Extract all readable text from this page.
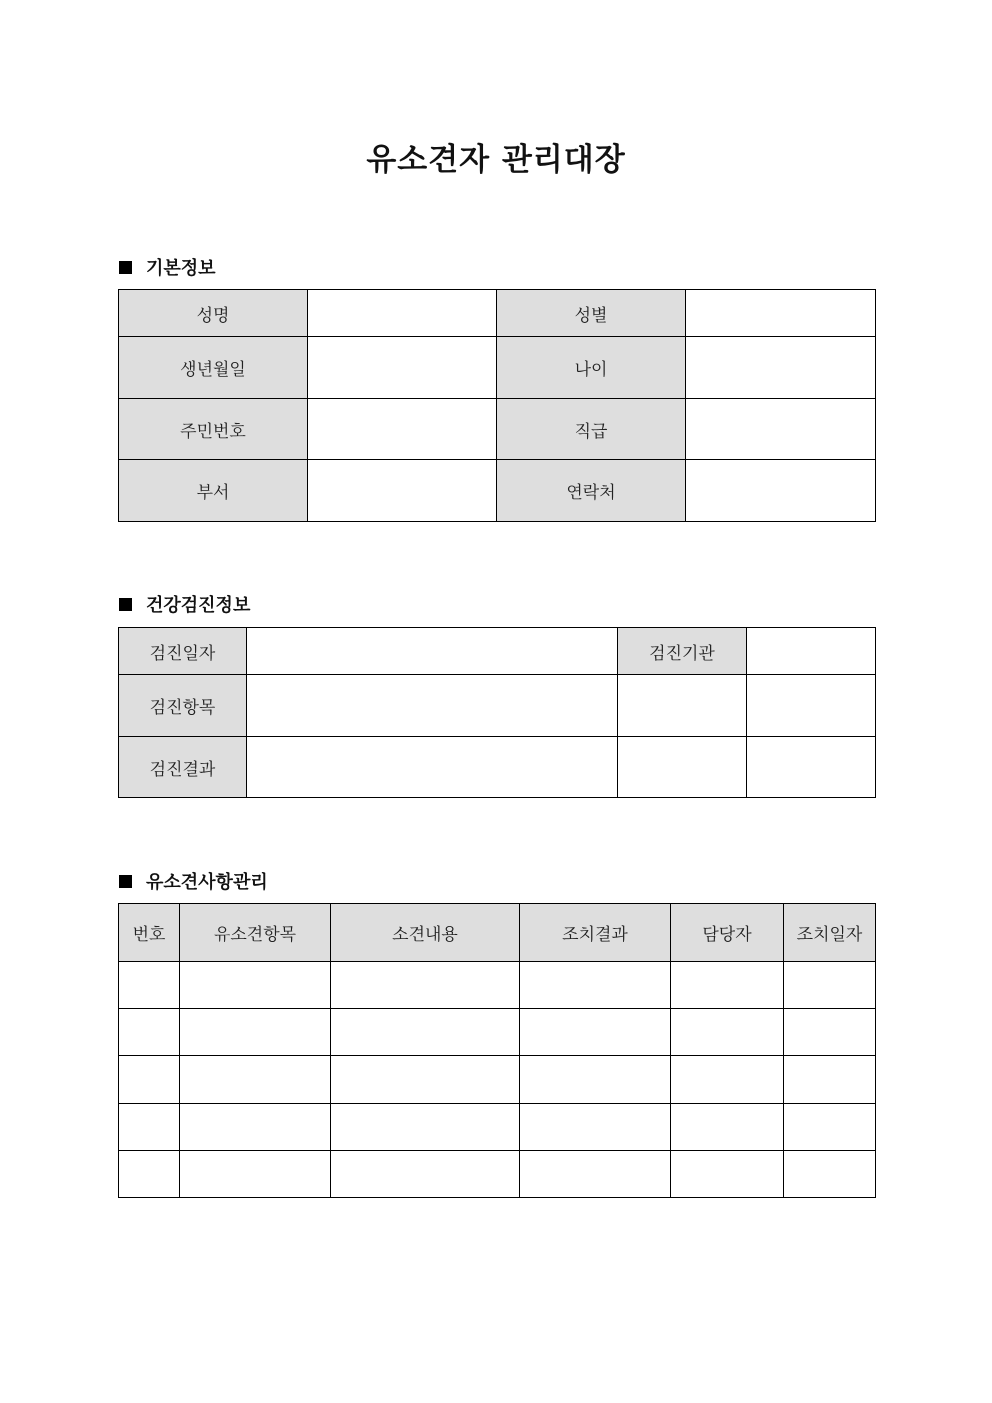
유소견자 관리대장
기본정보
성명		성별	
생년월일		나이	
주민번호		직급	
부서		연락처	
건강검진정보
검진일자		검진기관	
검진항목			
검진결과			
유소견사항관리
번호	유소견항목	소견내용	조치결과	담당자	조치일자
